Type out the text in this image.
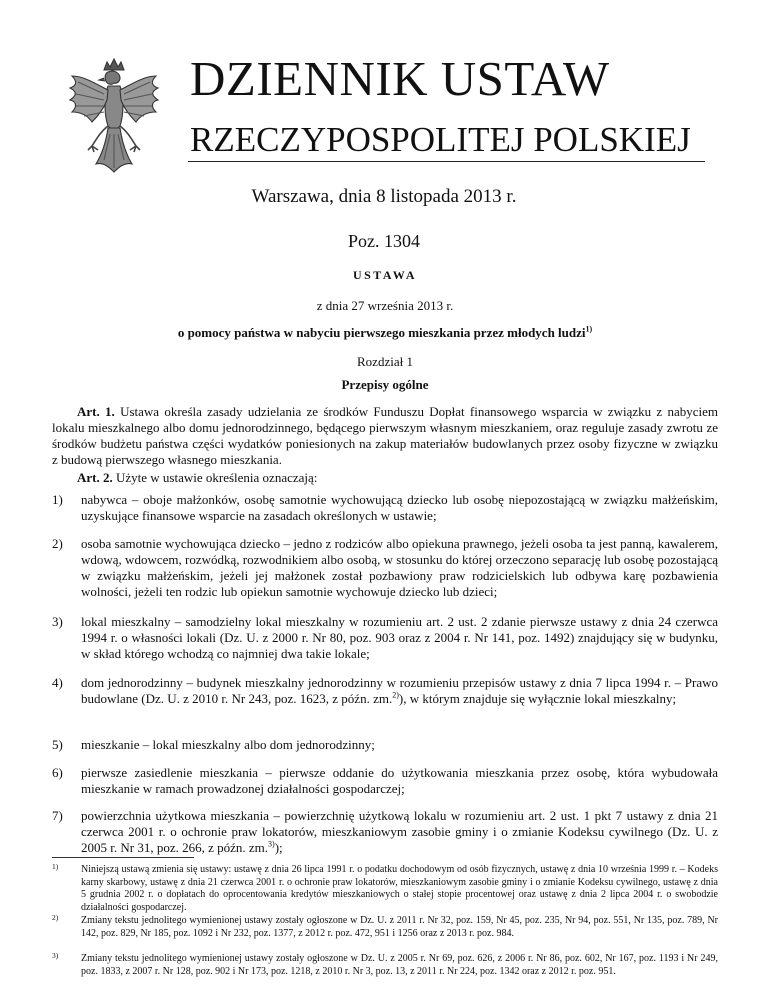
DZIENNIK USTAW
RZECZYPOSPOLITEJ POLSKIEJ
Warszawa, dnia 8 listopada 2013 r.
Poz. 1304
USTAWA
z dnia 27 września 2013 r.
o pomocy państwa w nabyciu pierwszego mieszkania przez młodych ludzi$^{1)}$
Rozdział 1
Przepisy ogólne
Art. 1. Ustawa określa zasady udzielania ze środków Funduszu Dopłat finansowego wsparcia w związku z nabyciem lokalu mieszkalnego albo domu jednorodzinnego, będącego pierwszym własnym mieszkaniem, oraz reguluje zasady zwrotu ze środków budżetu państwa części wydatków poniesionych na zakup materiałów budowlanych przez osoby fizyczne w związku z budową pierwszego własnego mieszkania.
Art. 2. Użyte w ustawie określenia oznaczają:
1) nabywca – oboje małżonków, osobę samotnie wychowującą dziecko lub osobę niepozostającą w związku małżeńskim, uzyskujące finansowe wsparcie na zasadach określonych w ustawie;
2) osoba samotnie wychowująca dziecko – jedno z rodziców albo opiekuna prawnego, jeżeli osoba ta jest panną, kawalerem, wdową, wdowcem, rozwódką, rozwodnikiem albo osobą, w stosunku do której orzeczono separację lub osobę pozostającą w związku małżeńskim, jeżeli jej małżonek został pozbawiony praw rodzicielskich lub odbywa karę pozbawienia wolności, jeżeli ten rodzic lub opiekun samotnie wychowuje dziecko lub dzieci;
3) lokal mieszkalny – samodzielny lokal mieszkalny w rozumieniu art. 2 ust. 2 zdanie pierwsze ustawy z dnia 24 czerwca 1994 r. o własności lokali (Dz. U. z 2000 r. Nr 80, poz. 903 oraz z 2004 r. Nr 141, poz. 1492) znajdujący się w budynku, w skład którego wchodzą co najmniej dwa takie lokale;
4) dom jednorodzinny – budynek mieszkalny jednorodzinny w rozumieniu przepisów ustawy z dnia 7 lipca 1994 r. – Prawo budowlane (Dz. U. z 2010 r. Nr 243, poz. 1623, z późn. zm.$^{2)}$), w którym znajduje się wyłącznie lokal mieszkalny;
5) mieszkanie – lokal mieszkalny albo dom jednorodzinny;
6) pierwsze zasiedlenie mieszkania – pierwsze oddanie do użytkowania mieszkania przez osobę, która wybudowała mieszkanie w ramach prowadzonej działalności gospodarczej;
7) powierzchnia użytkowa mieszkania – powierzchnię użytkową lokalu w rozumieniu art. 2 ust. 1 pkt 7 ustawy z dnia 21 czerwca 2001 r. o ochronie praw lokatorów, mieszkaniowym zasobie gminy i o zmianie Kodeksu cywilnego (Dz. U. z 2005 r. Nr 31, poz. 266, z późn. zm.$^{3)}$);
1) Niniejszą ustawą zmienia się ustawy: ustawę z dnia 26 lipca 1991 r. o podatku dochodowym od osób fizycznych, ustawę z dnia 10 września 1999 r. – Kodeks karny skarbowy, ustawę z dnia 21 czerwca 2001 r. o ochronie praw lokatorów, mieszkaniowym zasobie gminy i o zmianie Kodeksu cywilnego, ustawę z dnia 5 grudnia 2002 r. o dopłatach do oprocentowania kredytów mieszkaniowych o stałej stopie procentowej oraz ustawę z dnia 2 lipca 2004 r. o swobodzie działalności gospodarczej.
2) Zmiany tekstu jednolitego wymienionej ustawy zostały ogłoszone w Dz. U. z 2011 r. Nr 32, poz. 159, Nr 45, poz. 235, Nr 94, poz. 551, Nr 135, poz. 789, Nr 142, poz. 829, Nr 185, poz. 1092 i Nr 232, poz. 1377, z 2012 r. poz. 472, 951 i 1256 oraz z 2013 r. poz. 984.
3) Zmiany tekstu jednolitego wymienionej ustawy zostały ogłoszone w Dz. U. z 2005 r. Nr 69, poz. 626, z 2006 r. Nr 86, poz. 602, Nr 167, poz. 1193 i Nr 249, poz. 1833, z 2007 r. Nr 128, poz. 902 i Nr 173, poz. 1218, z 2010 r. Nr 3, poz. 13, z 2011 r. Nr 224, poz. 1342 oraz z 2012 r. poz. 951.
